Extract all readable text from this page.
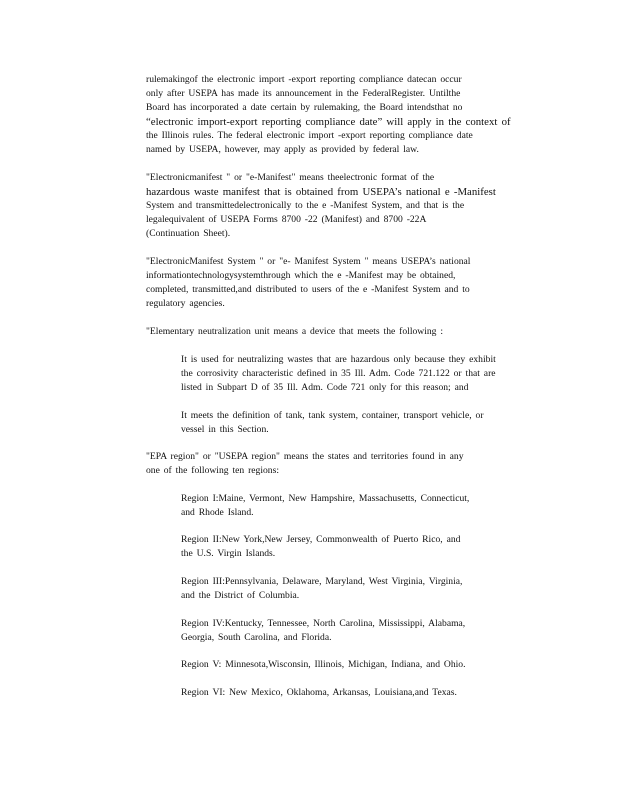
rulemakingof the electronic import -export reporting compliance datecan occur
only after USEPA has made its announcement in the FederalRegister. Untilthe
Board has incorporated a date certain by rulemaking, the Board intendsthat no
“electronic import-export reporting compliance date” will apply in the context of
the Illinois rules. The federal electronic import -export reporting compliance date
named by USEPA, however, may apply as provided by federal law.
"Electronicmanifest " or "e-Manifest" means theelectronic format of the
hazardous waste manifest that is obtained from USEPA’s national e -Manifest
System and transmittedelectronically to the e -Manifest System, and that is the
legalequivalent of USEPA Forms 8700 -22 (Manifest) and 8700 -22A
(Continuation Sheet).
"ElectronicManifest System " or "e- Manifest System " means USEPA’s national
informationtechnologysystemthrough which the e -Manifest may be obtained,
completed, transmitted,and distributed to users of the e -Manifest System and to
regulatory agencies.
"Elementary neutralization unit means a device that meets the following :
It is used for neutralizing wastes that are hazardous only because they exhibit
the corrosivity characteristic defined in 35 Ill. Adm. Code 721.122 or that are
listed in Subpart D of 35 Ill. Adm. Code 721 only for this reason; and
It meets the definition of tank, tank system, container, transport vehicle, or
vessel in this Section.
"EPA region" or "USEPA region" means the states and territories found in any
one of the following ten regions:
Region I:Maine, Vermont, New Hampshire, Massachusetts, Connecticut,
and Rhode Island.
Region II:New York,New Jersey, Commonwealth of Puerto Rico, and
the U.S. Virgin Islands.
Region III:Pennsylvania, Delaware, Maryland, West Virginia, Virginia,
and the District of Columbia.
Region IV:Kentucky, Tennessee, North Carolina, Mississippi, Alabama,
Georgia, South Carolina, and Florida.
Region V: Minnesota,Wisconsin, Illinois, Michigan, Indiana, and Ohio.
Region VI: New Mexico, Oklahoma, Arkansas, Louisiana,and Texas.
